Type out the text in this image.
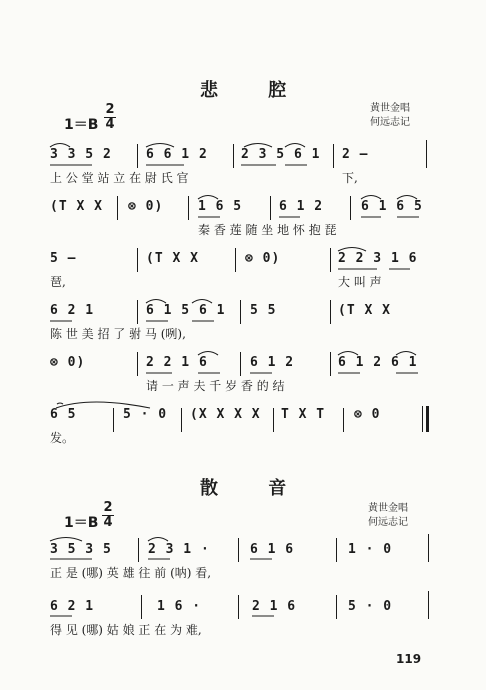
悲 腔
1＝B
2
4
黄世金唱
何远志记
3 3 5 2	6 6 1 2	2 3 5 6 1 2 —
上 公 堂 站 立 在 尉 氏 官	下,
(T X X ⊗ 0)	1 6 5	6 1 2	6 1 6 5
秦 香 莲 随 坐 地 怀 抱 琵
5 —	(T X X	⊗ 0)	2 2 3 1 6
琶,	大 叫 声
6 2 1	6 1 5 6 1 5 5	(T X X
陈 世 美 招 了 驸 马 (咧),
⊗ 0)	2 2 1 6	6 1 2	6 1 2 6 1
请 一 声 夫 千 岁 香 的 结
6 5	5 · 0 (X X X X T X T ⊗ 0
发。
散 音
1＝B
2
4
黄世金唱
何远志记
3 5 3 5	2 3 1 ·	6 1 6	1 · 0
正 是 (哪) 英 雄 往 前 (呐) 看,
6 2 1	1 6 ·	2 1 6	5 · 0
得 见 (哪) 姑 娘 正 在 为 难,
119
